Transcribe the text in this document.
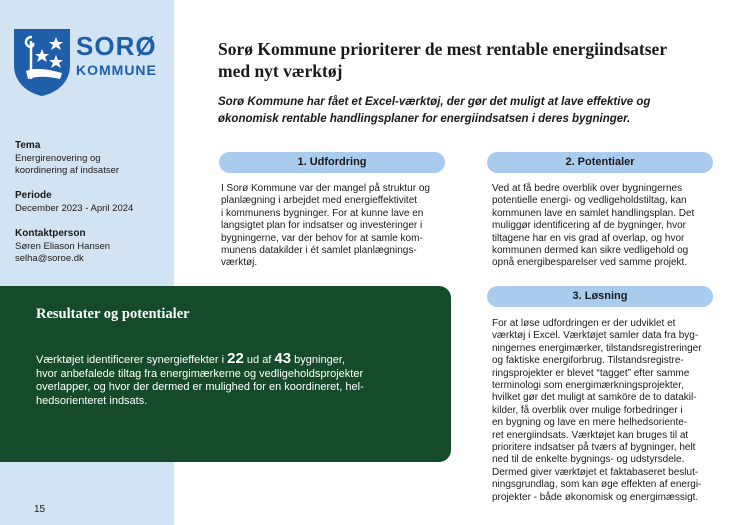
SORØ
KOMMUNE
Tema
Energirenovering og koordinering af indsatser
Periode
December 2023 - April 2024
Kontaktperson
Søren Eliason Hansen
selha@soroe.dk
Sorø Kommune prioriterer de mest rentable energiindsatser med nyt værktøj
Sorø Kommune har fået et Excel-værktøj, der gør det muligt at lave effektive og økonomisk rentable handlingsplaner for energiindsatsen i deres bygninger.
1. Udfordring
I Sorø Kommune var der mangel på struktur og
planlægning i arbejdet med energieffektivitet
i kommunens bygninger. For at kunne lave en
langsigtet plan for indsatser og investeringer i
bygningerne, var der behov for at samle kom-
munens datakilder i ét samlet planlægnings-
værktøj.
2. Potentialer
Ved at få bedre overblik over bygningernes
potentielle energi- og vedligeholdstiltag, kan
kommunen lave en samlet handlingsplan. Det
muliggør identificering af de bygninger, hvor
tiltagene har en vis grad af overlap, og hvor
kommunen dermed kan sikre vedligehold og
opnå energibesparelser ved samme projekt.
3. Løsning
For at løse udfordringen er der udviklet et
værktøj i Excel. Værktøjet samler data fra byg-
ningernes energimærker, tilstandsregistreringer
og faktiske energiforbrug. Tilstandsregistre-
ringsprojekter er blevet “tagget” efter samme
terminologi som energimærkningsprojekter,
hvilket gør det muligt at samköre de to datakil-
kilder, få overblik over mulige forbedringer i
en bygning og lave en mere helhedsoriente-
ret energiindsats. Værktøjet kan bruges til at
prioritere indsatser på tværs af bygninger, helt
ned til de enkelte bygnings- og udstyrsdele.
Dermed giver værktøjet et faktabaseret beslut-
ningsgrundlag, som kan øge effekten af energi-
projekter - både økonomisk og energimæssigt.
Resultater og potentialer
Værktøjet identificerer synergieffekter i 22 ud af 43 bygninger,
hvor anbefalede tiltag fra energimærkerne og vedligeholdsprojekter
overlapper, og hvor der dermed er mulighed for en koordineret, hel-
hedsorienteret indsats.
15
